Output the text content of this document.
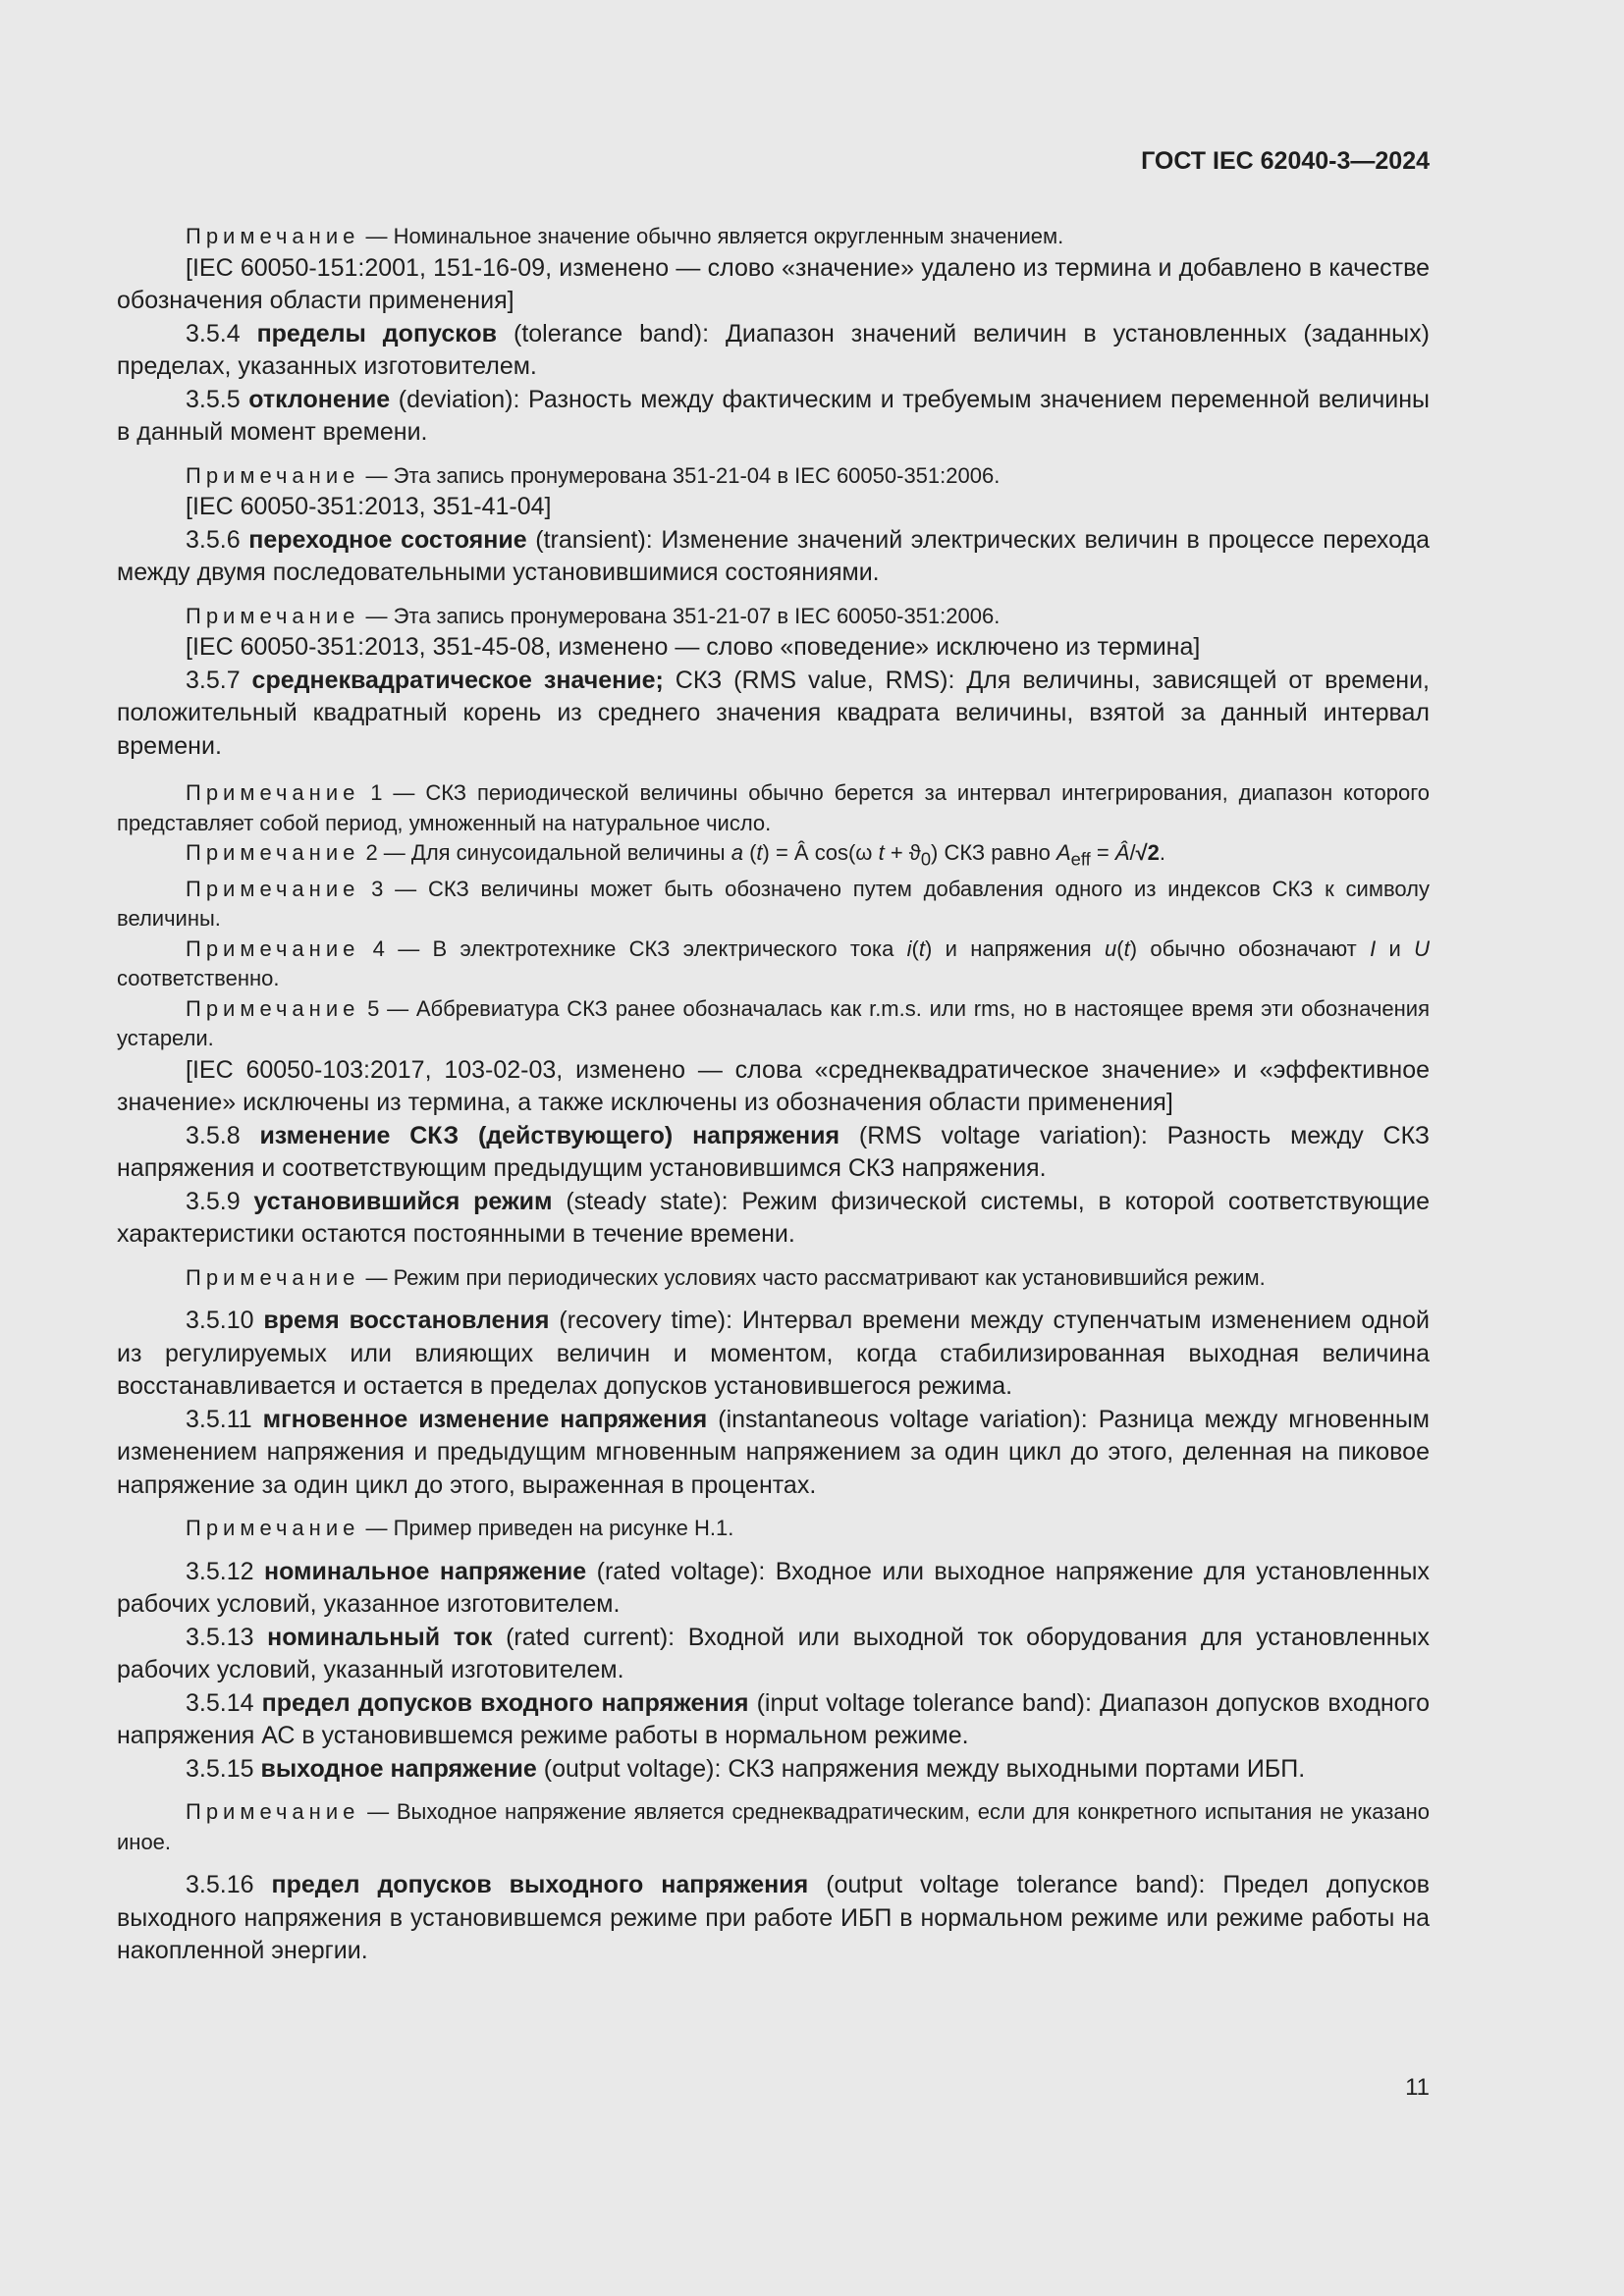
ГОСТ IEC 62040-3—2024

Примечание — Номинальное значение обычно является округленным значением.

[IEC 60050-151:2001, 151-16-09, изменено — слово «значение» удалено из термина и добавлено в качестве обозначения области применения]

3.5.4 пределы допусков (tolerance band): Диапазон значений величин в установленных (заданных) пределах, указанных изготовителем.

3.5.5 отклонение (deviation): Разность между фактическим и требуемым значением переменной величины в данный момент времени.

Примечание — Эта запись пронумерована 351-21-04 в IEC 60050-351:2006.

[IEC 60050-351:2013, 351-41-04]

3.5.6 переходное состояние (transient): Изменение значений электрических величин в процессе перехода между двумя последовательными установившимися состояниями.

Примечание — Эта запись пронумерована 351-21-07 в IEC 60050-351:2006.

[IEC 60050-351:2013, 351-45-08, изменено — слово «поведение» исключено из термина]

3.5.7 среднеквадратическое значение; СКЗ (RMS value, RMS): Для величины, зависящей от времени, положительный квадратный корень из среднего значения квадрата величины, взятой за данный интервал времени.

Примечание 1 — СКЗ периодической величины обычно берется за интервал интегрирования, диапазон которого представляет собой период, умноженный на натуральное число.

Примечание 2 — Для синусоидальной величины a (t) = Â cos(ω $t + ϑ_0$) СКЗ равно $A_{eff}$ = Â/√2.

Примечание 3 — СКЗ величины может быть обозначено путем добавления одного из индексов СКЗ к символу величины.

Примечание 4 — В электротехнике СКЗ электрического тока i(t) и напряжения u(t) обычно обозначают I и U соответственно.

Примечание 5 — Аббревиатура СКЗ ранее обозначалась как r.m.s. или rms, но в настоящее время эти обозначения устарели.

[IEC 60050-103:2017, 103-02-03, изменено — слова «среднеквадратическое значение» и «эффективное значение» исключены из термина, а также исключены из обозначения области применения]

3.5.8 изменение СКЗ (действующего) напряжения (RMS voltage variation): Разность между СКЗ напряжения и соответствующим предыдущим установившимся СКЗ напряжения.

3.5.9 установившийся режим (steady state): Режим физической системы, в которой соответствующие характеристики остаются постоянными в течение времени.

Примечание — Режим при периодических условиях часто рассматривают как установившийся режим.

3.5.10 время восстановления (recovery time): Интервал времени между ступенчатым изменением одной из регулируемых или влияющих величин и моментом, когда стабилизированная выходная величина восстанавливается и остается в пределах допусков установившегося режима.

3.5.11 мгновенное изменение напряжения (instantaneous voltage variation): Разница между мгновенным изменением напряжения и предыдущим мгновенным напряжением за один цикл до этого, деленная на пиковое напряжение за один цикл до этого, выраженная в процентах.

Примечание — Пример приведен на рисунке Н.1.

3.5.12 номинальное напряжение (rated voltage): Входное или выходное напряжение для установленных рабочих условий, указанное изготовителем.

3.5.13 номинальный ток (rated current): Входной или выходной ток оборудования для установленных рабочих условий, указанный изготовителем.

3.5.14 предел допусков входного напряжения (input voltage tolerance band): Диапазон допусков входного напряжения АС в установившемся режиме работы в нормальном режиме.

3.5.15 выходное напряжение (output voltage): СКЗ напряжения между выходными портами ИБП.

Примечание — Выходное напряжение является среднеквадратическим, если для конкретного испытания не указано иное.

3.5.16 предел допусков выходного напряжения (output voltage tolerance band): Предел допусков выходного напряжения в установившемся режиме при работе ИБП в нормальном режиме или режиме работы на накопленной энергии.

11
